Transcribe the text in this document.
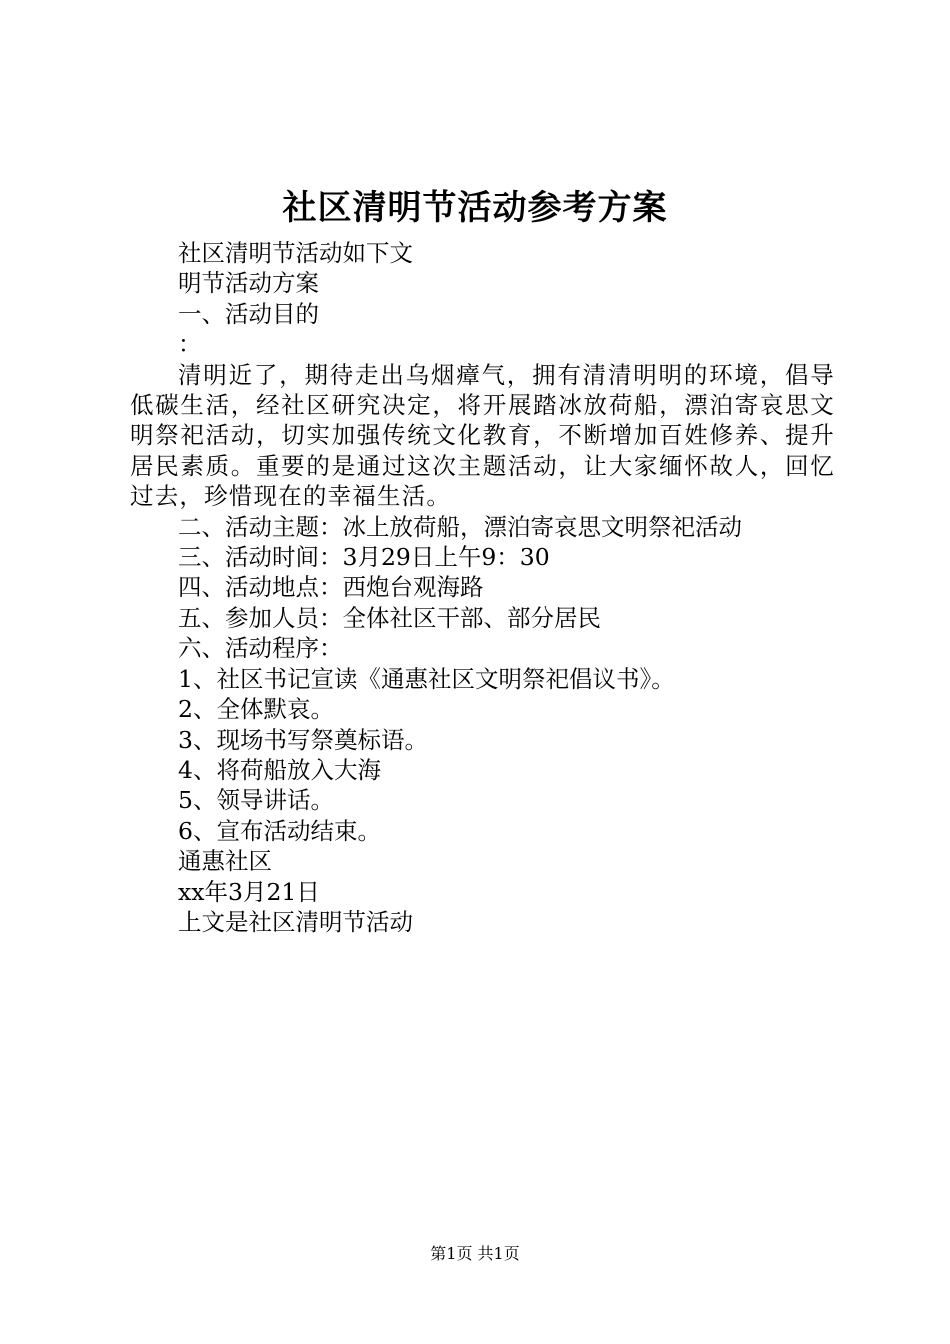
社区清明节活动参考方案
社区清明节活动如下文
明节活动方案
一、活动目的
：
清明近了，期待走出乌烟瘴气，拥有清清明明的环境，倡导低碳生活，经社区研究决定，将开展踏冰放荷船，漂泊寄哀思文明祭祀活动，切实加强传统文化教育，不断增加百姓修养、提升居民素质。重要的是通过这次主题活动，让大家缅怀故人，回忆过去，珍惜现在的幸福生活。
二、活动主题：冰上放荷船，漂泊寄哀思文明祭祀活动
三、活动时间：3月29日上午9：30
四、活动地点：西炮台观海路
五、参加人员：全体社区干部、部分居民
六、活动程序：
1、社区书记宣读《通惠社区文明祭祀倡议书》。
2、全体默哀。
3、现场书写祭奠标语。
4、将荷船放入大海
5、领导讲话。
6、宣布活动结束。
通惠社区
xx年3月21日
上文是社区清明节活动
第1页 共1页
